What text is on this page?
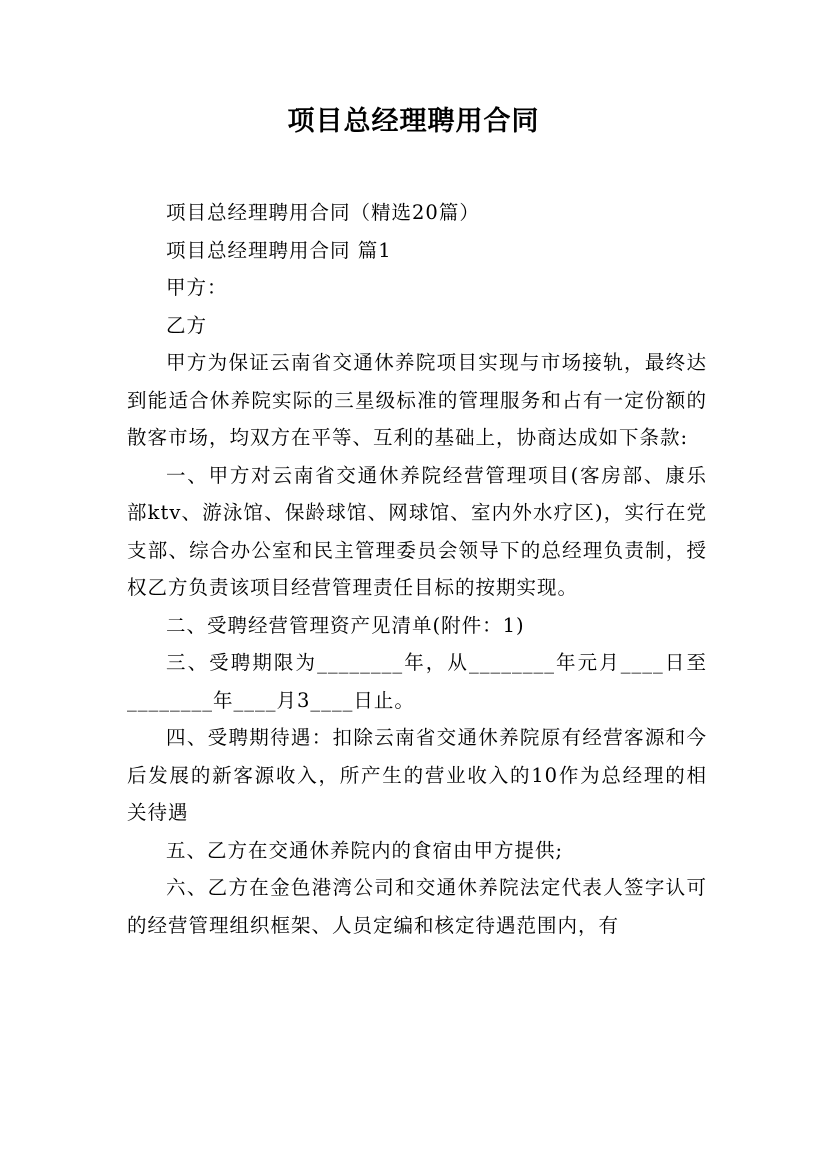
项目总经理聘用合同

项目总经理聘用合同（精选20篇）

项目总经理聘用合同 篇1

甲方：

乙方

甲方为保证云南省交通休养院项目实现与市场接轨，最终达到能适合休养院实际的三星级标准的管理服务和占有一定份额的散客市场，均双方在平等、互利的基础上，协商达成如下条款:

一、甲方对云南省交通休养院经营管理项目(客房部、康乐部ktv、游泳馆、保龄球馆、网球馆、室内外水疗区)，实行在党支部、综合办公室和民主管理委员会领导下的总经理负责制，授权乙方负责该项目经营管理责任目标的按期实现。

二、受聘经营管理资产见清单(附件：1)

三、受聘期限为________年，从________年元月____日至________年____月3____日止。

四、受聘期待遇：扣除云南省交通休养院原有经营客源和今后发展的新客源收入，所产生的营业收入的10作为总经理的相关待遇

五、乙方在交通休养院内的食宿由甲方提供;

六、乙方在金色港湾公司和交通休养院法定代表人签字认可的经营管理组织框架、人员定编和核定待遇范围内，有
